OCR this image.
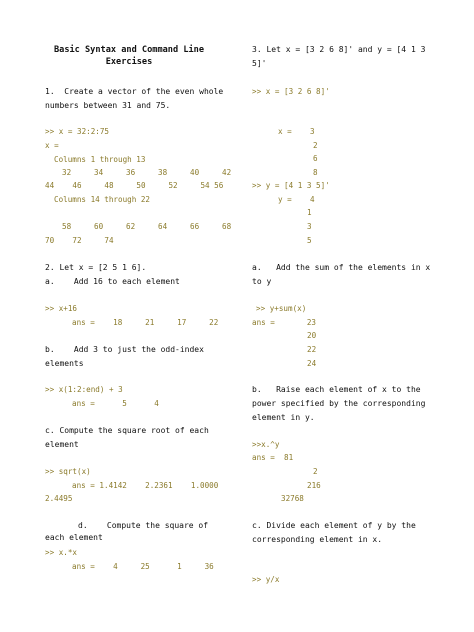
Basic Syntax and Command Line
Exercises
1.  Create a vector of the even whole
numbers between 31 and 75.
>> x = 32:2:75
x =
Columns 1 through 13
32     34     36     38     40     42
44    46     48     50     52     54 56
Columns 14 through 22
58     60     62     64     66     68
70    72     74
2. Let x = [2 5 1 6].
a.    Add 16 to each element
>> x+16
ans =    18     21     17     22
b.    Add 3 to just the odd-index
elements
>> x(1:2:end) + 3
ans =      5      4
c. Compute the square root of each
element
>> sqrt(x)
ans = 1.4142    2.2361    1.0000
2.4495
d.    Compute the square of
each element
>> x.*x
ans =    4     25      1     36
3. Let x = [3 2 6 8]' and y = [4 1 3
5]'
>> x = [3 2 6 8]'
x =    3
2
6
8
>> y = [4 1 3 5]'
y =    4
1
3
5
a.   Add the sum of the elements in x
to y
>> y+sum(x)
ans =       23
20
22
24
b.   Raise each element of x to the
power specified by the corresponding
element in y.
>>x.^y
ans =  81
2
216
32768
c. Divide each element of y by the
corresponding element in x.
>> y/x
